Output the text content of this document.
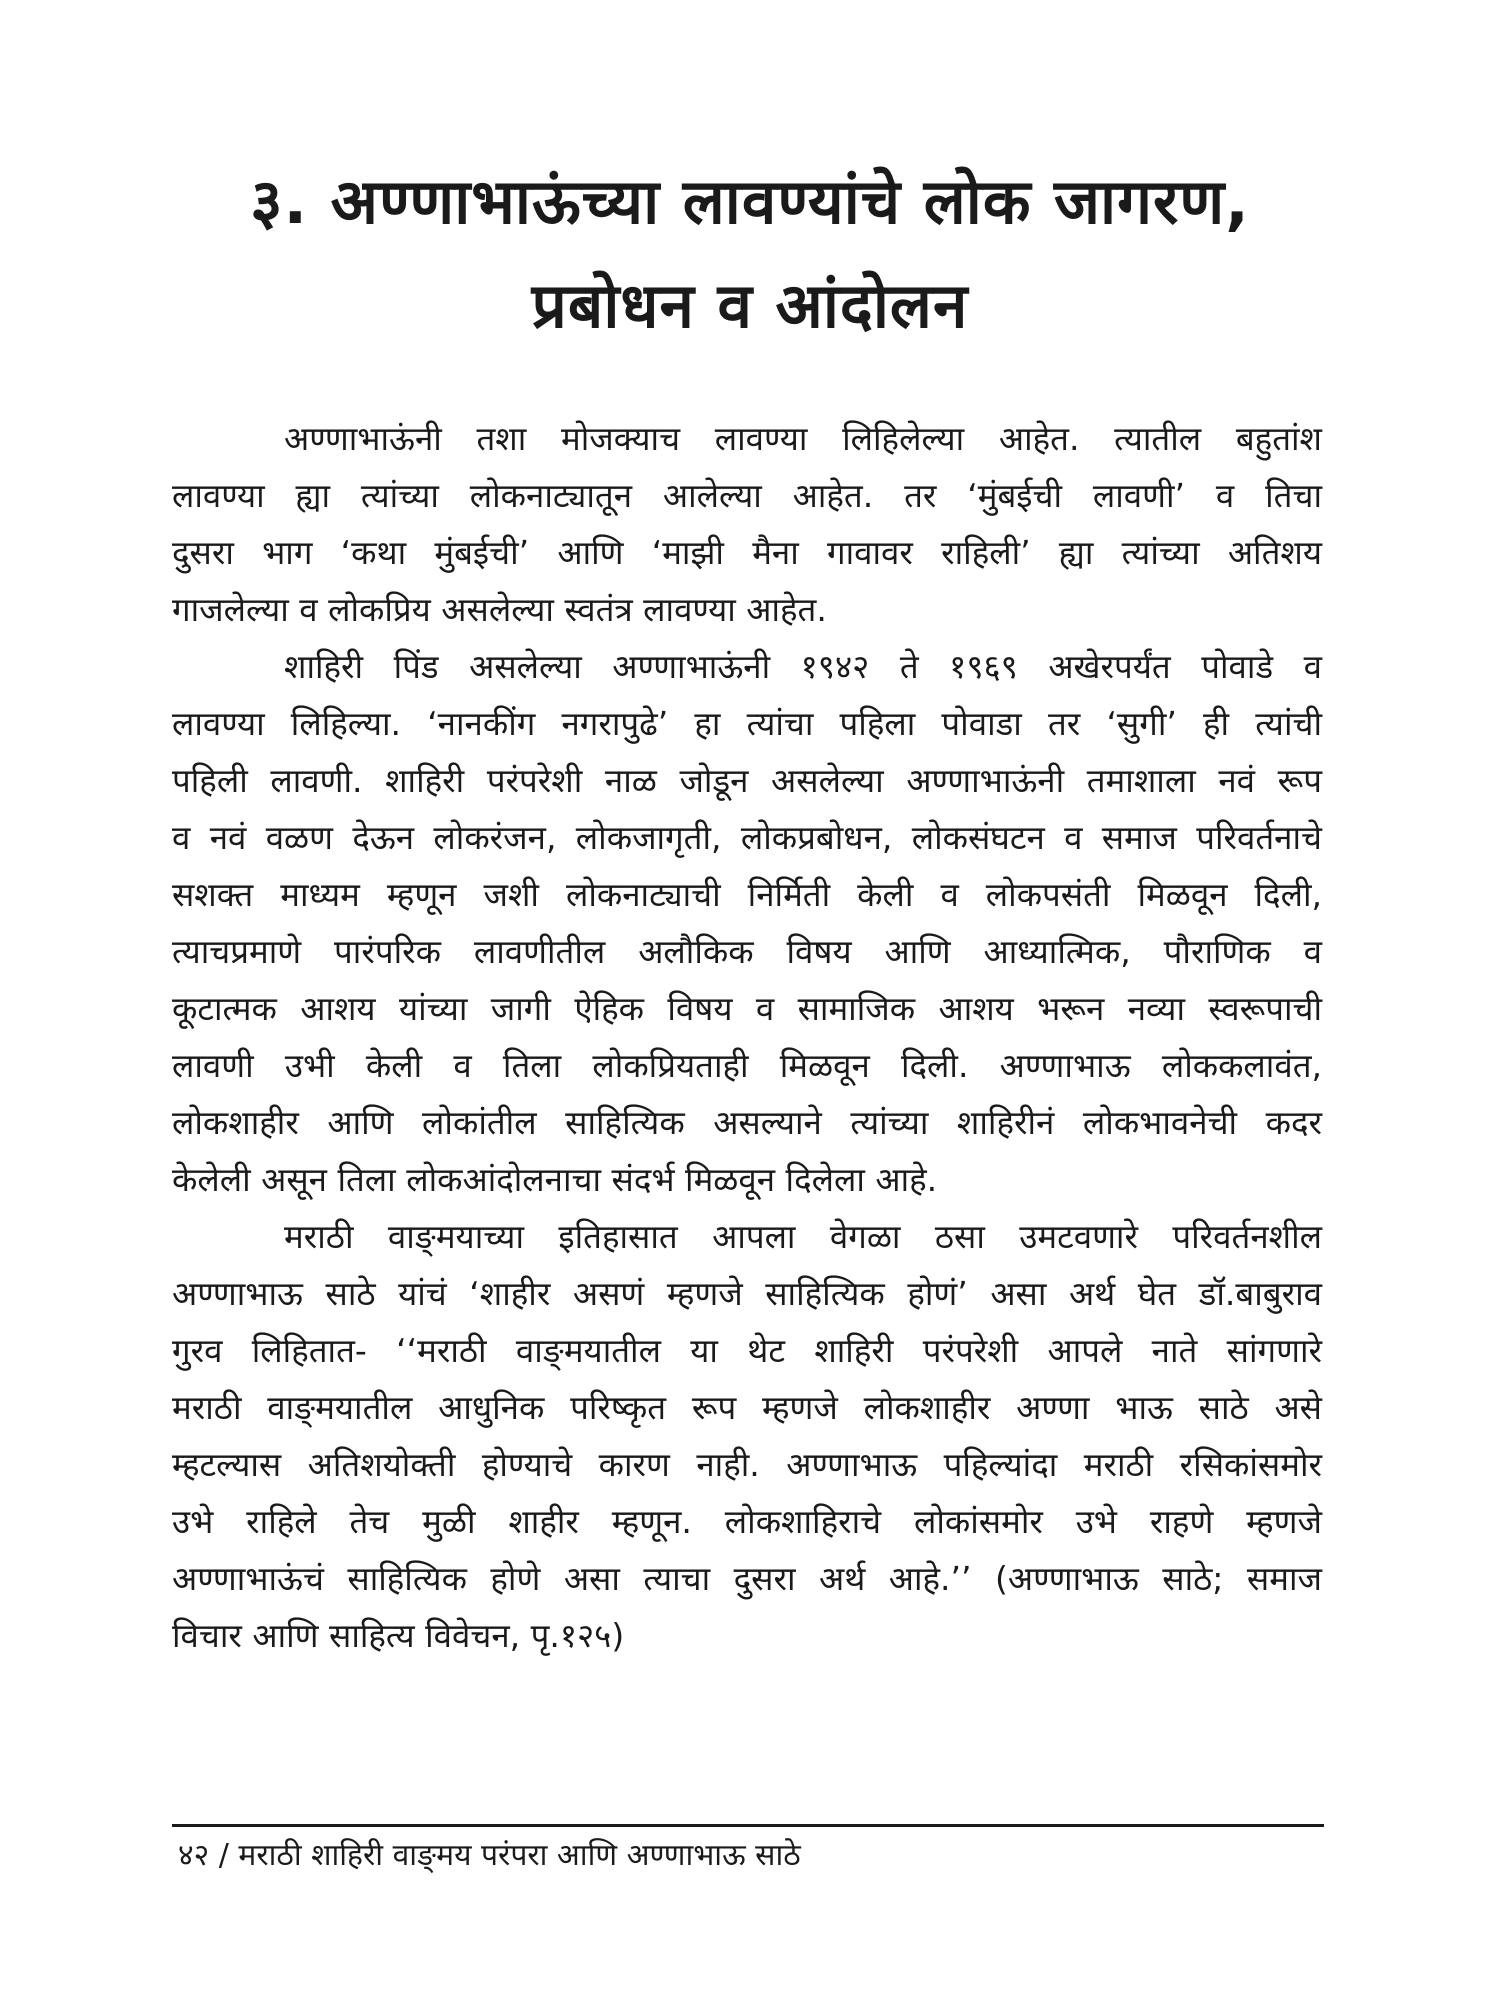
३. अण्णाभाऊंच्या लावण्यांचे लोक जागरण,
प्रबोधन व आंदोलन
अण्णाभाऊंनी तशा मोजक्याच लावण्या लिहिलेल्या आहेत. त्यातील बहुतांश
लावण्या ह्या त्यांच्या लोकनाट्यातून आलेल्या आहेत. तर ‘मुंबईची लावणी’ व तिचा
दुसरा भाग ‘कथा मुंबईची’ आणि ‘माझी मैना गावावर राहिली’ ह्या त्यांच्या अतिशय
गाजलेल्या व लोकप्रिय असलेल्या स्वतंत्र लावण्या आहेत.
शाहिरी पिंड असलेल्या अण्णाभाऊंनी १९४२ ते १९६९ अखेरपर्यंत पोवाडे व
लावण्या लिहिल्या. ‘नानकींग नगरापुढे’ हा त्यांचा पहिला पोवाडा तर ‘सुगी’ ही त्यांची
पहिली लावणी. शाहिरी परंपरेशी नाळ जोडून असलेल्या अण्णाभाऊंनी तमाशाला नवं रूप
व नवं वळण देऊन लोकरंजन, लोकजागृती, लोकप्रबोधन, लोकसंघटन व समाज परिवर्तनाचे
सशक्त माध्यम म्हणून जशी लोकनाट्याची निर्मिती केली व लोकपसंती मिळवून दिली,
त्याचप्रमाणे पारंपरिक लावणीतील अलौकिक विषय आणि आध्यात्मिक, पौराणिक व
कूटात्मक आशय यांच्या जागी ऐहिक विषय व सामाजिक आशय भरून नव्या स्वरूपाची
लावणी उभी केली व तिला लोकप्रियताही मिळवून दिली. अण्णाभाऊ लोककलावंत,
लोकशाहीर आणि लोकांतील साहित्यिक असल्याने त्यांच्या शाहिरीनं लोकभावनेची कदर
केलेली असून तिला लोकआंदोलनाचा संदर्भ मिळवून दिलेला आहे.
मराठी वाङ्‌मयाच्या इतिहासात आपला वेगळा ठसा उमटवणारे परिवर्तनशील
अण्णाभाऊ साठे यांचं ‘शाहीर असणं म्हणजे साहित्यिक होणं’ असा अर्थ घेत डॉ.बाबुराव
गुरव लिहितात- ‘‘मराठी वाङ्‌मयातील या थेट शाहिरी परंपरेशी आपले नाते सांगणारे
मराठी वाङ्‌मयातील आधुनिक परिष्कृत रूप म्हणजे लोकशाहीर अण्णा भाऊ साठे असे
म्हटल्यास अतिशयोक्ती होण्याचे कारण नाही. अण्णाभाऊ पहिल्यांदा मराठी रसिकांसमोर
उभे राहिले तेच मुळी शाहीर म्हणून. लोकशाहिराचे लोकांसमोर उभे राहणे म्हणजे
अण्णाभाऊंचं साहित्यिक होणे असा त्याचा दुसरा अर्थ आहे.’’ (अण्णाभाऊ साठे; समाज
विचार आणि साहित्य विवेचन, पृ.१२५)
४२ / मराठी शाहिरी वाङ्‌मय परंपरा आणि अण्णाभाऊ साठे
